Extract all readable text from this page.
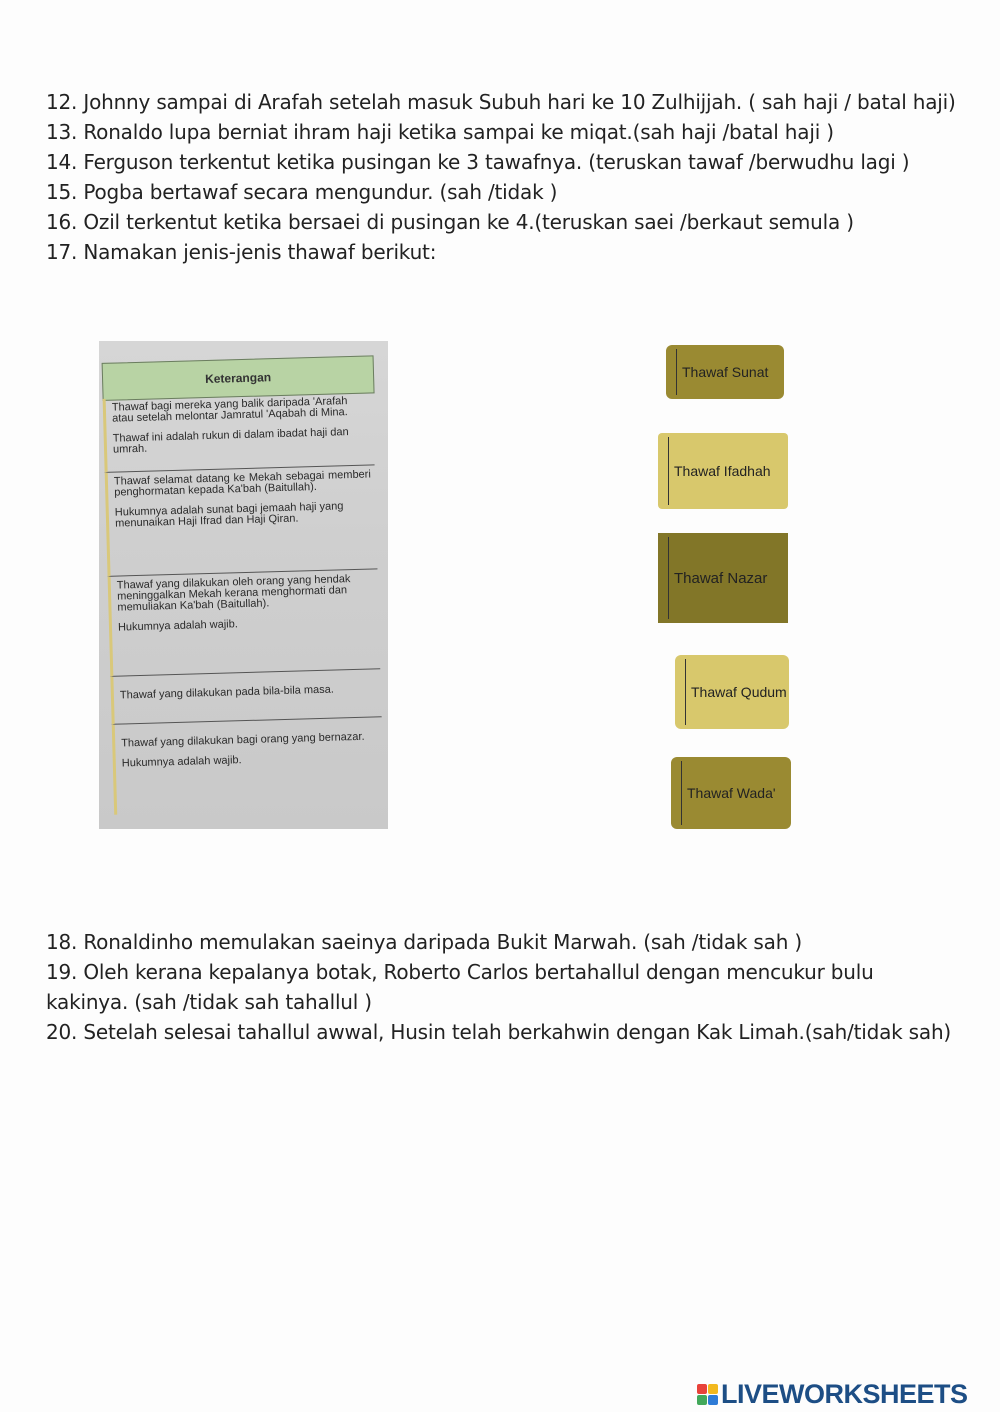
12. Johnny sampai di Arafah setelah masuk Subuh hari ke 10 Zulhijjah. ( sah haji / batal haji)
13. Ronaldo lupa berniat ihram haji ketika sampai ke miqat.(sah haji /batal haji )
14. Ferguson terkentut ketika pusingan ke 3 tawafnya. (teruskan tawaf /berwudhu lagi )
15. Pogba bertawaf secara mengundur. (sah /tidak )
16. Ozil terkentut ketika bersaei di pusingan ke 4.(teruskan saei /berkaut semula )
17. Namakan jenis-jenis thawaf berikut:
Keterangan

Thawaf bagi mereka yang balik daripada 'Arafah atau setelah melontar Jamratul 'Aqabah di Mina.

Thawaf ini adalah rukun di dalam ibadat haji dan umrah.

Thawaf selamat datang ke Mekah sebagai memberi penghormatan kepada Ka'bah (Baitullah).

Hukumnya adalah sunat bagi jemaah haji yang menunaikan Haji Ifrad dan Haji Qiran.

Thawaf yang dilakukan oleh orang yang hendak meninggalkan Mekah kerana menghormati dan memuliakan Ka'bah (Baitullah).

Hukumnya adalah wajib.

Thawaf yang dilakukan pada bila-bila masa.

Thawaf yang dilakukan bagi orang yang bernazar.

Hukumnya adalah wajib.

Thawaf Sunat
Thawaf Ifadhah
Thawaf Nazar
Thawaf Qudum
Thawaf Wada'
18. Ronaldinho memulakan saeinya daripada Bukit Marwah. (sah /tidak sah )
19. Oleh kerana kepalanya botak, Roberto Carlos bertahallul dengan mencukur bulu
kakinya. (sah /tidak sah tahallul )
20. Setelah selesai tahallul awwal, Husin telah berkahwin dengan Kak Limah.(sah/tidak sah)
LIVEWORKSHEETS
